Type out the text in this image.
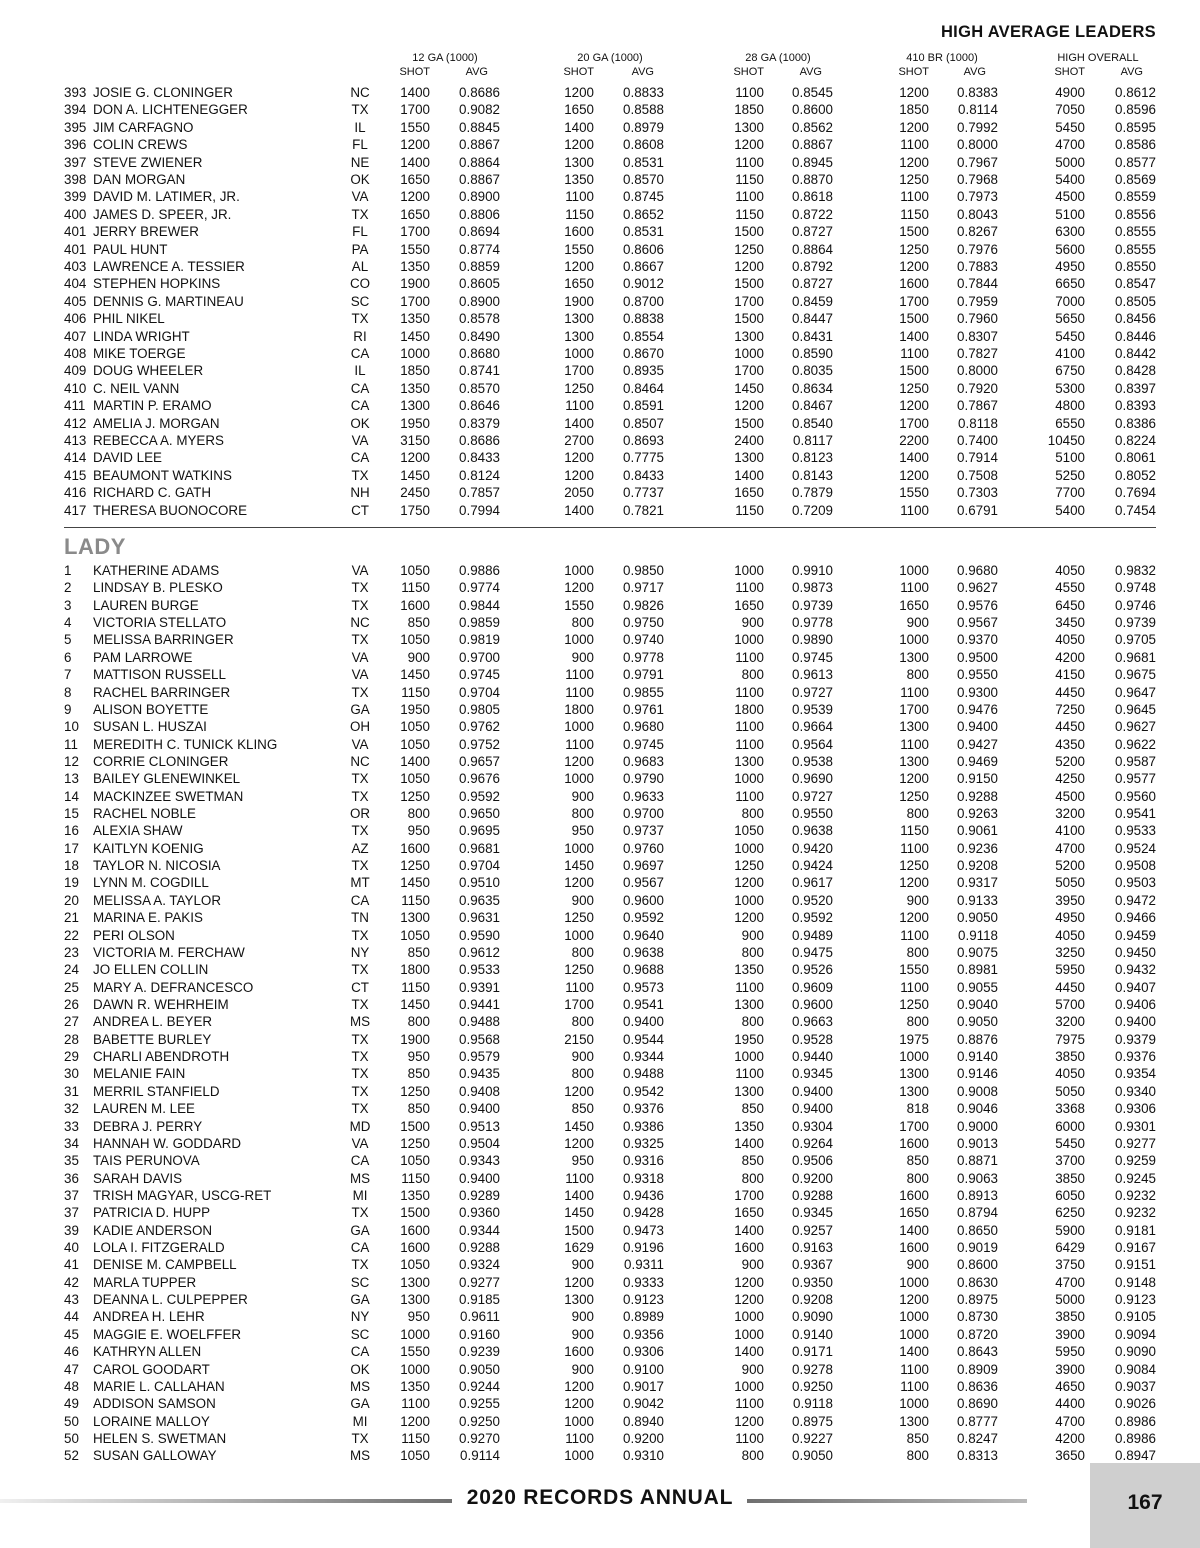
HIGH AVERAGE LEADERS
12 GA (1000)	20 GA (1000)	28 GA (1000)	410 BR (1000)	HIGH OVERALL
SHOT	AVG	SHOT	AVG	SHOT	AVG	SHOT	AVG	SHOT	AVG
393 JOSIE G. CLONINGER	NC	1400 0.8686	1200 0.8833	1100 0.8545	1200 0.8383	4900 0.8612
394 DON A. LICHTENEGGER	TX	1700 0.9082	1650 0.8588	1850 0.8600	1850 0.8114	7050 0.8596
395 JIM CARFAGNO	IL	1550 0.8845	1400 0.8979	1300 0.8562	1200 0.7992	5450 0.8595
396 COLIN CREWS	FL	1200 0.8867	1200 0.8608	1200 0.8867	1100 0.8000	4700 0.8586
397 STEVE ZWIENER	NE	1400 0.8864	1300 0.8531	1100 0.8945	1200 0.7967	5000 0.8577
398 DAN MORGAN	OK	1650 0.8867	1350 0.8570	1150 0.8870	1250 0.7968	5400 0.8569
399 DAVID M. LATIMER, JR.	VA	1200 0.8900	1100 0.8745	1100 0.8618	1100 0.7973	4500 0.8559
400 JAMES D. SPEER, JR.	TX	1650 0.8806	1150 0.8652	1150 0.8722	1150 0.8043	5100 0.8556
401 JERRY BREWER	FL	1700 0.8694	1600 0.8531	1500 0.8727	1500 0.8267	6300 0.8555
401 PAUL HUNT	PA	1550 0.8774	1550 0.8606	1250 0.8864	1250 0.7976	5600 0.8555
403 LAWRENCE A. TESSIER	AL	1350 0.8859	1200 0.8667	1200 0.8792	1200 0.7883	4950 0.8550
404 STEPHEN HOPKINS	CO	1900 0.8605	1650 0.9012	1500 0.8727	1600 0.7844	6650 0.8547
405 DENNIS G. MARTINEAU	SC	1700 0.8900	1900 0.8700	1700 0.8459	1700 0.7959	7000 0.8505
406 PHIL NIKEL	TX	1350 0.8578	1300 0.8838	1500 0.8447	1500 0.7960	5650 0.8456
407 LINDA WRIGHT	RI	1450 0.8490	1300 0.8554	1300 0.8431	1400 0.8307	5450 0.8446
408 MIKE TOERGE	CA	1000 0.8680	1000 0.8670	1000 0.8590	1100 0.7827	4100 0.8442
409 DOUG WHEELER	IL	1850 0.8741	1700 0.8935	1700 0.8035	1500 0.8000	6750 0.8428
410 C. NEIL VANN	CA	1350 0.8570	1250 0.8464	1450 0.8634	1250 0.7920	5300 0.8397
411 MARTIN P. ERAMO	CA	1300 0.8646	1100 0.8591	1200 0.8467	1200 0.7867	4800 0.8393
412 AMELIA J. MORGAN	OK	1950 0.8379	1400 0.8507	1500 0.8540	1700 0.8118	6550 0.8386
413 REBECCA A. MYERS	VA	3150 0.8686	2700 0.8693	2400 0.8117	2200 0.7400	10450 0.8224
414 DAVID LEE	CA	1200 0.8433	1200 0.7775	1300 0.8123	1400 0.7914	5100 0.8061
415 BEAUMONT WATKINS	TX	1450 0.8124	1200 0.8433	1400 0.8143	1200 0.7508	5250 0.8052
416 RICHARD C. GATH	NH	2450 0.7857	2050 0.7737	1650 0.7879	1550 0.7303	7700 0.7694
417 THERESA BUONOCORE	CT	1750 0.7994	1400 0.7821	1150 0.7209	1100 0.6791	5400 0.7454
LADY
1 KATHERINE ADAMS	VA	1050 0.9886	1000 0.9850	1000 0.9910	1000 0.9680	4050 0.9832
2 LINDSAY B. PLESKO	TX	1150 0.9774	1200 0.9717	1100 0.9873	1100 0.9627	4550 0.9748
3 LAUREN BURGE	TX	1600 0.9844	1550 0.9826	1650 0.9739	1650 0.9576	6450 0.9746
4 VICTORIA STELLATO	NC	850 0.9859	800 0.9750	900 0.9778	900 0.9567	3450 0.9739
5 MELISSA BARRINGER	TX	1050 0.9819	1000 0.9740	1000 0.9890	1000 0.9370	4050 0.9705
6 PAM LARROWE	VA	900 0.9700	900 0.9778	1100 0.9745	1300 0.9500	4200 0.9681
7 MATTISON RUSSELL	VA	1450 0.9745	1100 0.9791	800 0.9613	800 0.9550	4150 0.9675
8 RACHEL BARRINGER	TX	1150 0.9704	1100 0.9855	1100 0.9727	1100 0.9300	4450 0.9647
9 ALISON BOYETTE	GA	1950 0.9805	1800 0.9761	1800 0.9539	1700 0.9476	7250 0.9645
10 SUSAN L. HUSZAI	OH	1050 0.9762	1000 0.9680	1100 0.9664	1300 0.9400	4450 0.9627
11 MEREDITH C. TUNICK KLING	VA	1050 0.9752	1100 0.9745	1100 0.9564	1100 0.9427	4350 0.9622
12 CORRIE CLONINGER	NC	1400 0.9657	1200 0.9683	1300 0.9538	1300 0.9469	5200 0.9587
13 BAILEY GLENEWINKEL	TX	1050 0.9676	1000 0.9790	1000 0.9690	1200 0.9150	4250 0.9577
14 MACKINZEE SWETMAN	TX	1250 0.9592	900 0.9633	1100 0.9727	1250 0.9288	4500 0.9560
15 RACHEL NOBLE	OR	800 0.9650	800 0.9700	800 0.9550	800 0.9263	3200 0.9541
16 ALEXIA SHAW	TX	950 0.9695	950 0.9737	1050 0.9638	1150 0.9061	4100 0.9533
17 KAITLYN KOENIG	AZ	1600 0.9681	1000 0.9760	1000 0.9420	1100 0.9236	4700 0.9524
18 TAYLOR N. NICOSIA	TX	1250 0.9704	1450 0.9697	1250 0.9424	1250 0.9208	5200 0.9508
19 LYNN M. COGDILL	MT	1450 0.9510	1200 0.9567	1200 0.9617	1200 0.9317	5050 0.9503
20 MELISSA A. TAYLOR	CA	1150 0.9635	900 0.9600	1000 0.9520	900 0.9133	3950 0.9472
21 MARINA E. PAKIS	TN	1300 0.9631	1250 0.9592	1200 0.9592	1200 0.9050	4950 0.9466
22 PERI OLSON	TX	1050 0.9590	1000 0.9640	900 0.9489	1100 0.9118	4050 0.9459
23 VICTORIA M. FERCHAW	NY	850 0.9612	800 0.9638	800 0.9475	800 0.9075	3250 0.9450
24 JO ELLEN COLLIN	TX	1800 0.9533	1250 0.9688	1350 0.9526	1550 0.8981	5950 0.9432
25 MARY A. DEFRANCESCO	CT	1150 0.9391	1100 0.9573	1100 0.9609	1100 0.9055	4450 0.9407
26 DAWN R. WEHRHEIM	TX	1450 0.9441	1700 0.9541	1300 0.9600	1250 0.9040	5700 0.9406
27 ANDREA L. BEYER	MS	800 0.9488	800 0.9400	800 0.9663	800 0.9050	3200 0.9400
28 BABETTE BURLEY	TX	1900 0.9568	2150 0.9544	1950 0.9528	1975 0.8876	7975 0.9379
29 CHARLI ABENDROTH	TX	950 0.9579	900 0.9344	1000 0.9440	1000 0.9140	3850 0.9376
30 MELANIE FAIN	TX	850 0.9435	800 0.9488	1100 0.9345	1300 0.9146	4050 0.9354
31 MERRIL STANFIELD	TX	1250 0.9408	1200 0.9542	1300 0.9400	1300 0.9008	5050 0.9340
32 LAUREN M. LEE	TX	850 0.9400	850 0.9376	850 0.9400	818 0.9046	3368 0.9306
33 DEBRA J. PERRY	MD	1500 0.9513	1450 0.9386	1350 0.9304	1700 0.9000	6000 0.9301
34 HANNAH W. GODDARD	VA	1250 0.9504	1200 0.9325	1400 0.9264	1600 0.9013	5450 0.9277
35 TAIS PERUNOVA	CA	1050 0.9343	950 0.9316	850 0.9506	850 0.8871	3700 0.9259
36 SARAH DAVIS	MS	1150 0.9400	1100 0.9318	800 0.9200	800 0.9063	3850 0.9245
37 TRISH MAGYAR, USCG-RET	MI	1350 0.9289	1400 0.9436	1700 0.9288	1600 0.8913	6050 0.9232
37 PATRICIA D. HUPP	TX	1500 0.9360	1450 0.9428	1650 0.9345	1650 0.8794	6250 0.9232
39 KADIE ANDERSON	GA	1600 0.9344	1500 0.9473	1400 0.9257	1400 0.8650	5900 0.9181
40 LOLA I. FITZGERALD	CA	1600 0.9288	1629 0.9196	1600 0.9163	1600 0.9019	6429 0.9167
41 DENISE M. CAMPBELL	TX	1050 0.9324	900 0.9311	900 0.9367	900 0.8600	3750 0.9151
42 MARLA TUPPER	SC	1300 0.9277	1200 0.9333	1200 0.9350	1000 0.8630	4700 0.9148
43 DEANNA L. CULPEPPER	GA	1300 0.9185	1300 0.9123	1200 0.9208	1200 0.8975	5000 0.9123
44 ANDREA H. LEHR	NY	950 0.9611	900 0.8989	1000 0.9090	1000 0.8730	3850 0.9105
45 MAGGIE E. WOELFFER	SC	1000 0.9160	900 0.9356	1000 0.9140	1000 0.8720	3900 0.9094
46 KATHRYN ALLEN	CA	1550 0.9239	1600 0.9306	1400 0.9171	1400 0.8643	5950 0.9090
47 CAROL GOODART	OK	1000 0.9050	900 0.9100	900 0.9278	1100 0.8909	3900 0.9084
48 MARIE L. CALLAHAN	MS	1350 0.9244	1200 0.9017	1000 0.9250	1100 0.8636	4650 0.9037
49 ADDISON SAMSON	GA	1100 0.9255	1200 0.9042	1100 0.9118	1000 0.8690	4400 0.9026
50 LORAINE MALLOY	MI	1200 0.9250	1000 0.8940	1200 0.8975	1300 0.8777	4700 0.8986
50 HELEN S. SWETMAN	TX	1150 0.9270	1100 0.9200	1100 0.9227	850 0.8247	4200 0.8986
52 SUSAN GALLOWAY	MS	1050 0.9114	1000 0.9310	800 0.9050	800 0.8313	3650 0.8947
2020 RECORDS ANNUAL	167
